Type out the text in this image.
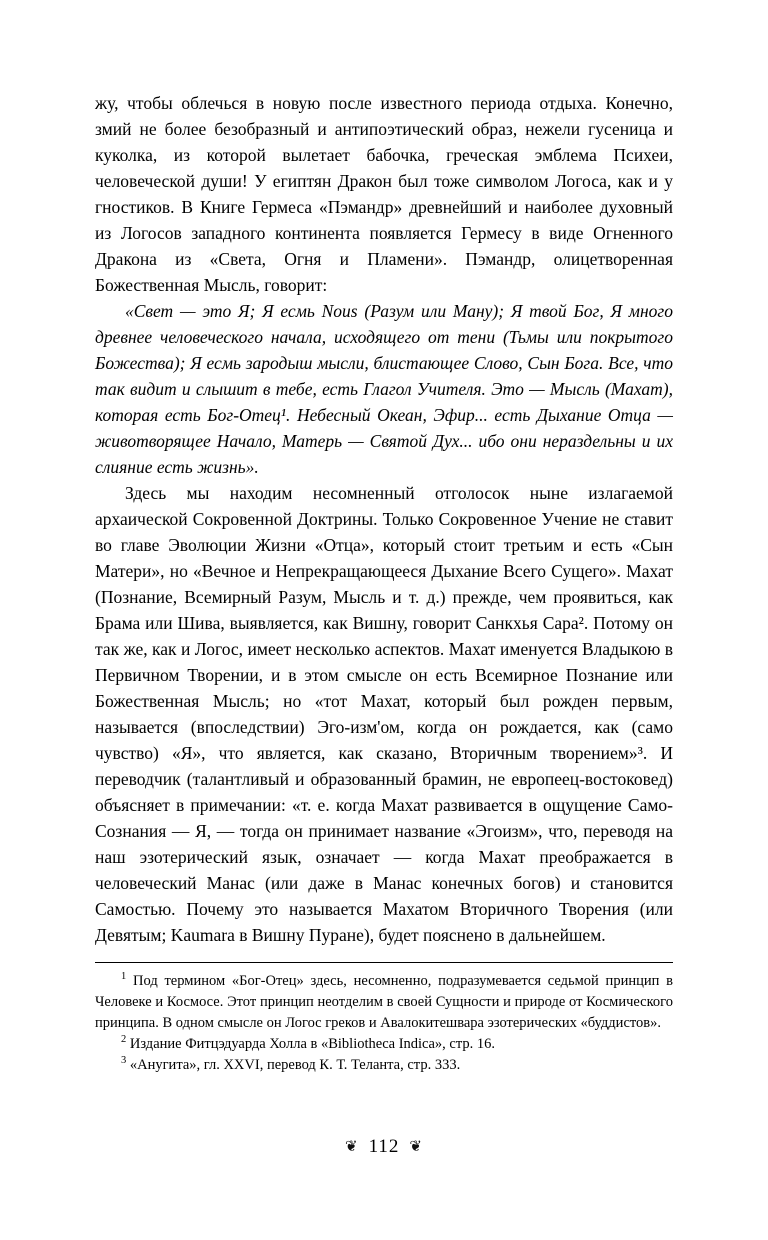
жу, чтобы облечься в новую после известного периода отдыха. Конечно, змий не более безобразный и антипоэтический образ, нежели гусеница и куколка, из которой вылетает бабочка, греческая эмблема Психеи, человеческой души! У египтян Дракон был тоже символом Логоса, как и у гностиков. В Книге Гермеса «Пэмандр» древнейший и наиболее духовный из Логосов западного континента появляется Гермесу в виде Огненного Дракона из «Света, Огня и Пламени». Пэмандр, олицетворенная Божественная Мысль, говорит:

«Свет — это Я; Я есмь Nous (Разум или Ману); Я твой Бог, Я много древнее человеческого начала, исходящего от тени (Тьмы или покрытого Божества); Я есмь зародыш мысли, блистающее Слово, Сын Бога. Все, что так видит и слышит в тебе, есть Глагол Учителя. Это — Мысль (Махат), которая есть Бог-Отец¹. Небесный Океан, Эфир... есть Дыхание Отца — животворящее Начало, Матерь — Святой Дух... ибо они нераздельны и их слияние есть жизнь».

Здесь мы находим несомненный отголосок ныне излагаемой архаической Сокровенной Доктрины. Только Сокровенное Учение не ставит во главе Эволюции Жизни «Отца», который стоит третьим и есть «Сын Матери», но «Вечное и Непрекращающееся Дыхание Всего Сущего». Махат (Познание, Всемирный Разум, Мысль и т. д.) прежде, чем проявиться, как Брама или Шива, выявляется, как Вишну, говорит Санкхья Сара². Потому он так же, как и Логос, имеет несколько аспектов. Махат именуется Владыкою в Первичном Творении, и в этом смысле он есть Всемирное Познание или Божественная Мысль; но «тот Махат, который был рожден первым, называется (впоследствии) Эго-изм'ом, когда он рождается, как (само чувство) «Я», что является, как сказано, Вторичным творением»³. И переводчик (талантливый и образованный брамин, не европеец-востоковед) объясняет в примечании: «т. е. когда Махат развивается в ощущение Само-Сознания — Я, — тогда он принимает название «Эгоизм», что, переводя на наш эзотерический язык, означает — когда Махат преображается в человеческий Манас (или даже в Манас конечных богов) и становится Самостью. Почему это называется Махатом Вторичного Творения (или Девятым; Kaumara в Вишну Пуране), будет пояснено в дальнейшем.

$^1$ Под термином «Бог-Отец» здесь, несомненно, подразумевается седьмой принцип в Человеке и Космосе. Этот принцип неотделим в своей Сущности и природе от Космического принципа. В одном смысле он Логос греков и Авалокитешвара эзотерических «буддистов».

$^2$ Издание Фитцэдуарда Холла в «Bibliotheca Indica», стр. 16.

$^3$ «Анугита», гл. XXVI, перевод К. Т. Теланта, стр. 333.

❦ 112 ❦
